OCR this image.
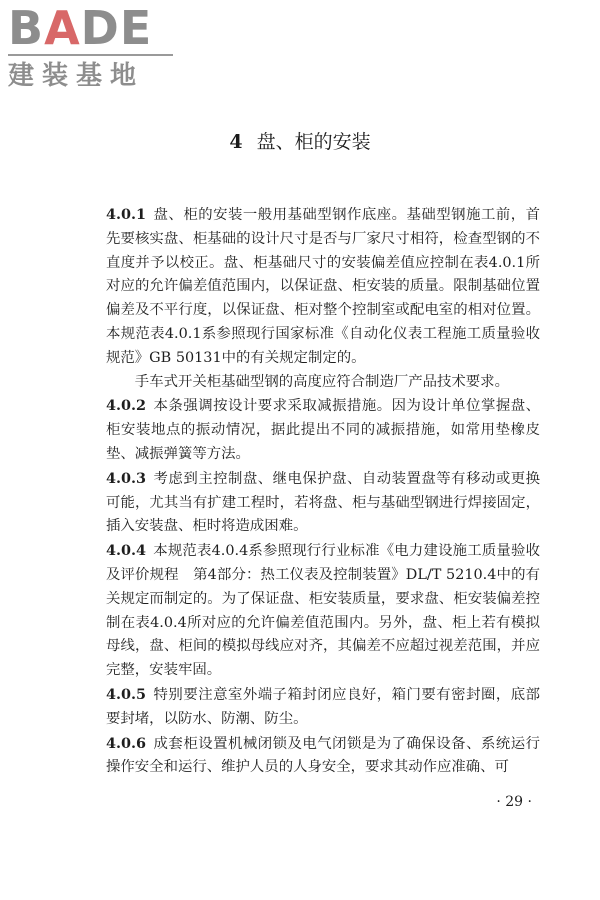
BADE
建装基地
4 盘、柜的安装

4.0.1 盘、柜的安装一般用基础型钢作底座。基础型钢施工前，首先要核实盘、柜基础的设计尺寸是否与厂家尺寸相符，检查型钢的不直度并予以校正。盘、柜基础尺寸的安装偏差值应控制在表4.0.1所对应的允许偏差值范围内，以保证盘、柜安装的质量。限制基础位置偏差及不平行度，以保证盘、柜对整个控制室或配电室的相对位置。本规范表4.0.1系参照现行国家标准《自动化仪表工程施工质量验收规范》GB 50131中的有关规定制定的。

手车式开关柜基础型钢的高度应符合制造厂产品技术要求。

4.0.2 本条强调按设计要求采取减振措施。因为设计单位掌握盘、柜安装地点的振动情况，据此提出不同的减振措施，如常用垫橡皮垫、减振弹簧等方法。

4.0.3 考虑到主控制盘、继电保护盘、自动装置盘等有移动或更换可能，尤其当有扩建工程时，若将盘、柜与基础型钢进行焊接固定，插入安装盘、柜时将造成困难。

4.0.4 本规范表4.0.4系参照现行行业标准《电力建设施工质量验收及评价规程　第4部分：热工仪表及控制装置》DL/T 5210.4中的有关规定而制定的。为了保证盘、柜安装质量，要求盘、柜安装偏差控制在表4.0.4所对应的允许偏差值范围内。另外，盘、柜上若有模拟母线，盘、柜间的模拟母线应对齐，其偏差不应超过视差范围，并应完整，安装牢固。

4.0.5 特别要注意室外端子箱封闭应良好，箱门要有密封圈，底部要封堵，以防水、防潮、防尘。

4.0.6 成套柜设置机械闭锁及电气闭锁是为了确保设备、系统运行操作安全和运行、维护人员的人身安全，要求其动作应准确、可

· 29 ·
